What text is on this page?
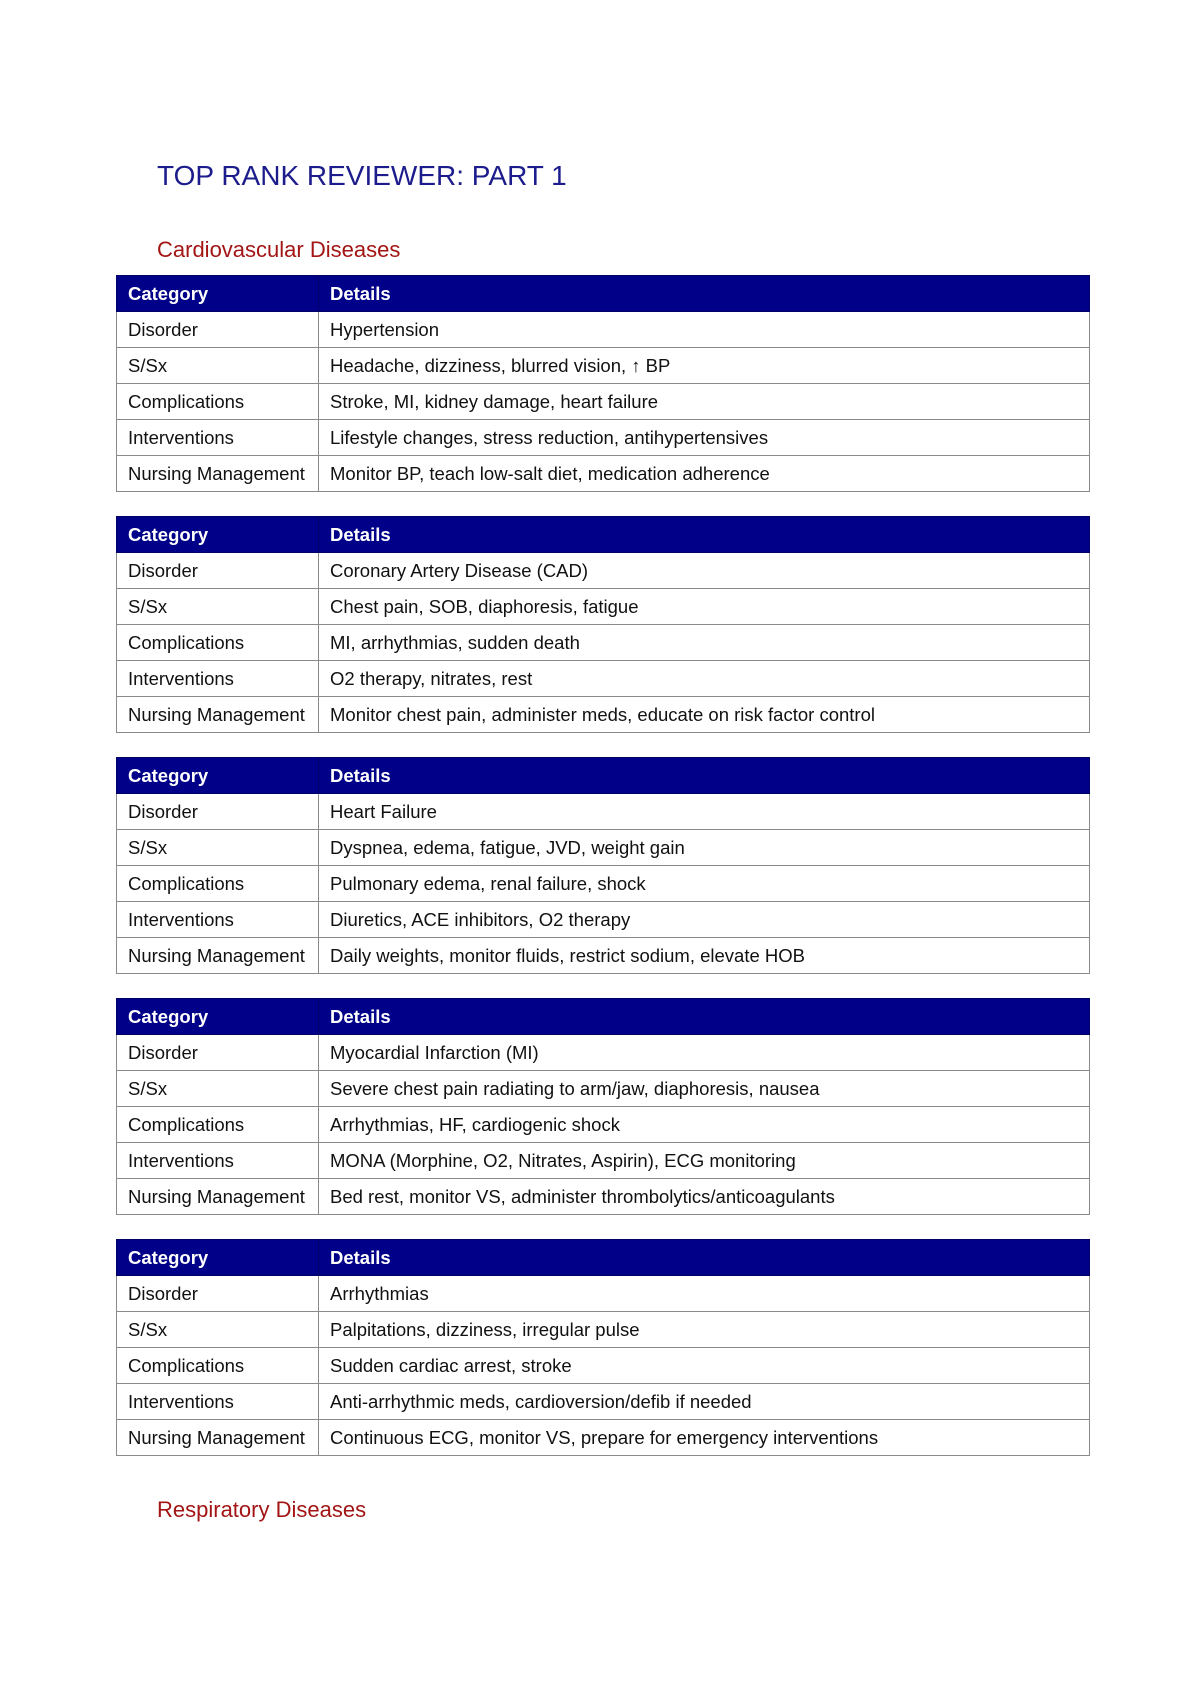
TOP RANK REVIEWER: PART 1
Cardiovascular Diseases
Category	Details
Disorder	Hypertension
S/Sx	Headache, dizziness, blurred vision, ↑ BP
Complications	Stroke, MI, kidney damage, heart failure
Interventions	Lifestyle changes, stress reduction, antihypertensives
Nursing Management	Monitor BP, teach low-salt diet, medication adherence
Category	Details
Disorder	Coronary Artery Disease (CAD)
S/Sx	Chest pain, SOB, diaphoresis, fatigue
Complications	MI, arrhythmias, sudden death
Interventions	O2 therapy, nitrates, rest
Nursing Management	Monitor chest pain, administer meds, educate on risk factor control
Category	Details
Disorder	Heart Failure
S/Sx	Dyspnea, edema, fatigue, JVD, weight gain
Complications	Pulmonary edema, renal failure, shock
Interventions	Diuretics, ACE inhibitors, O2 therapy
Nursing Management	Daily weights, monitor fluids, restrict sodium, elevate HOB
Category	Details
Disorder	Myocardial Infarction (MI)
S/Sx	Severe chest pain radiating to arm/jaw, diaphoresis, nausea
Complications	Arrhythmias, HF, cardiogenic shock
Interventions	MONA (Morphine, O2, Nitrates, Aspirin), ECG monitoring
Nursing Management	Bed rest, monitor VS, administer thrombolytics/anticoagulants
Category	Details
Disorder	Arrhythmias
S/Sx	Palpitations, dizziness, irregular pulse
Complications	Sudden cardiac arrest, stroke
Interventions	Anti-arrhythmic meds, cardioversion/defib if needed
Nursing Management	Continuous ECG, monitor VS, prepare for emergency interventions
Respiratory Diseases
